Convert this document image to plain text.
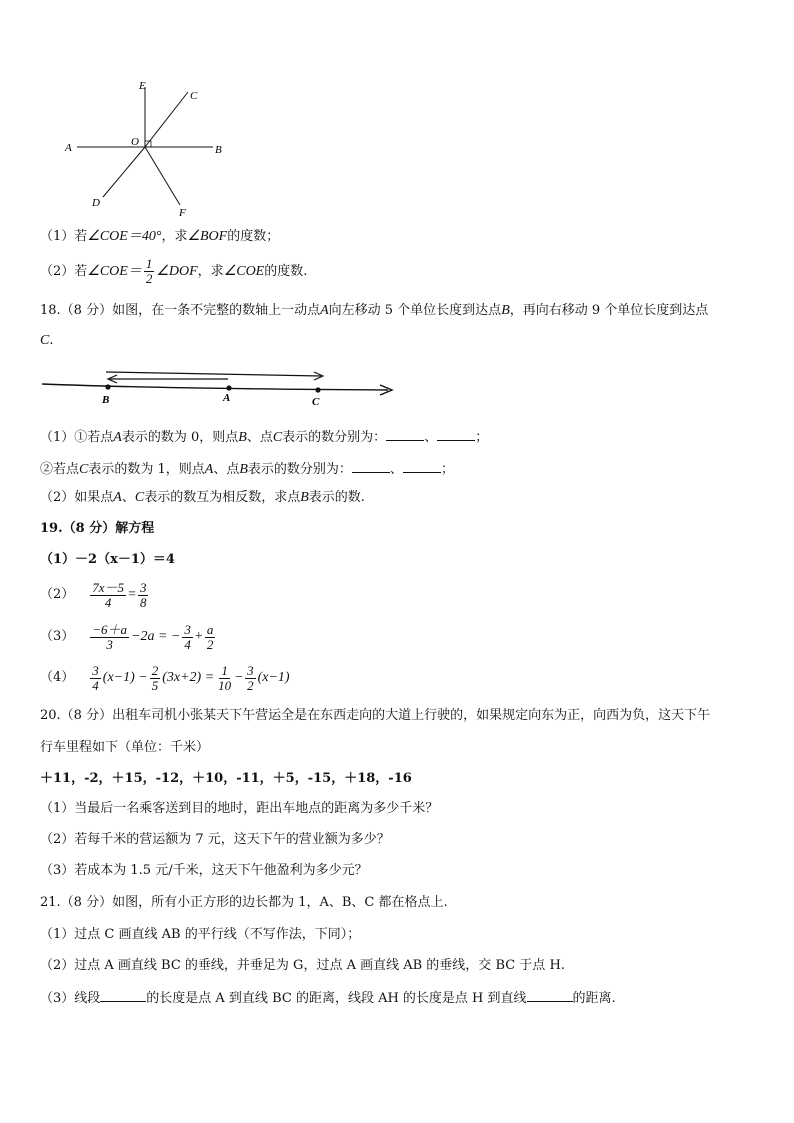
E
C
A	O
B
D
F
（1）若∠COE＝40°，求∠BOF的度数；
（2）若∠COE＝ $\frac{1}{2}$ ∠DOF，求∠COE的度数.
18.（8 分）如图，在一条不完整的数轴上一动点A向左移动 5 个单位长度到达点B，再向右移动 9 个单位长度到达点
C.
B	A	C
（1）①若点A表示的数为 0，则点B、点C表示的数分别为：	、	；
②若点C表示的数为 1，则点A、点B表示的数分别为：	、	；
（2）如果点A、C表示的数互为相反数，求点B表示的数.
19.（8 分）解方程
（1）－2（x－1）＝4
$(2) \frac{7x-5}{4} = \frac{3}{8}$
$(3) \frac{-6+a}{3} -2a$ = − $\frac{3}{4} + \frac{a}{2}$
$(4) \frac{3}{4} (x-1) - \frac{2}{5} (3x+2) = \frac{1}{10} - \frac{3}{2} (x-1)$
20.（8 分）出租车司机小张某天下午营运全是在东西走向的大道上行驶的，如果规定向东为正，向西为负，这天下午
行车里程如下（单位：千米）
＋11，-2，＋15，-12，＋10，-11，＋5，-15，＋18，-16
（1）当最后一名乘客送到目的地时，距出车地点的距离为多少千米？
（2）若每千米的营运额为 7 元，这天下午的营业额为多少？
（3）若成本为 1.5 元/千米，这天下午他盈利为多少元？
21.（8 分）如图，所有小正方形的边长都为 1，A、B、C 都在格点上.
（1）过点 C 画直线 AB 的平行线（不写作法，下同）；
（2）过点 A 画直线 BC 的垂线，并垂足为 G，过点 A 画直线 AB 的垂线，交 BC 于点 H.
（3）线段	的长度是点 A 到直线 BC 的距离，线段 AH 的长度是点 H 到直线	的距离.
